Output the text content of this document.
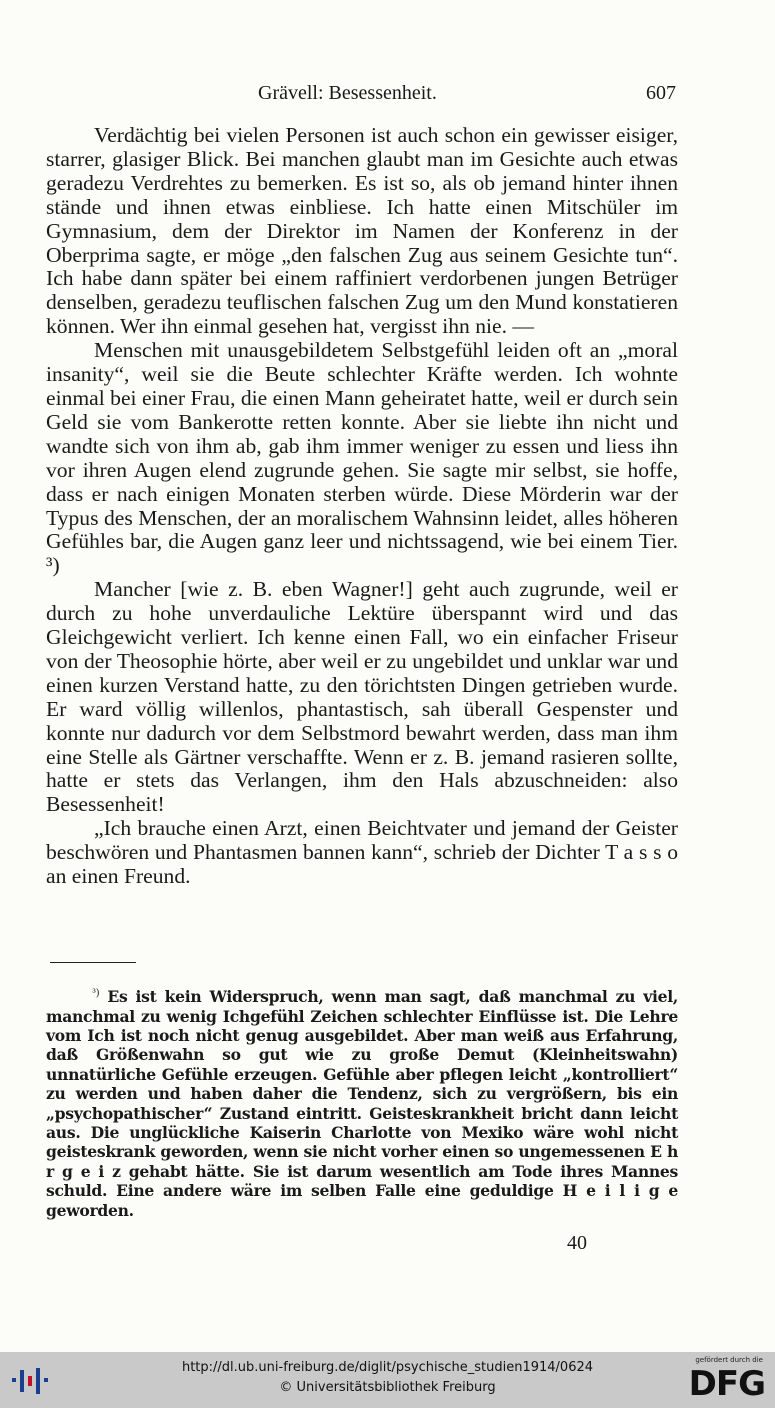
Grävell: Besessenheit.	607

Verdächtig bei vielen Personen ist auch schon ein gewisser eisiger, starrer, glasiger Blick. Bei manchen glaubt man im Gesichte auch etwas geradezu Verdrehtes zu bemerken. Es ist so, als ob jemand hinter ihnen stände und ihnen etwas einbliese. Ich hatte einen Mitschüler im Gymnasium, dem der Direktor im Namen der Konferenz in der Oberprima sagte, er möge „den falschen Zug aus seinem Gesichte tun“. Ich habe dann später bei einem raffiniert verdorbenen jungen Betrüger denselben, geradezu teuflischen falschen Zug um den Mund konstatieren können. Wer ihn einmal gesehen hat, vergisst ihn nie. —

Menschen mit unausgebildetem Selbstgefühl leiden oft an „moral insanity“, weil sie die Beute schlechter Kräfte werden. Ich wohnte einmal bei einer Frau, die einen Mann geheiratet hatte, weil er durch sein Geld sie vom Bankerotte retten konnte. Aber sie liebte ihn nicht und wandte sich von ihm ab, gab ihm immer weniger zu essen und liess ihn vor ihren Augen elend zugrunde gehen. Sie sagte mir selbst, sie hoffe, dass er nach einigen Monaten sterben würde. Diese Mörderin war der Typus des Menschen, der an moralischem Wahnsinn leidet, alles höheren Gefühles bar, die Augen ganz leer und nichtssagend, wie bei einem Tier. ³)

Mancher [wie z. B. eben Wagner!] geht auch zugrunde, weil er durch zu hohe unverdauliche Lektüre überspannt wird und das Gleichgewicht verliert. Ich kenne einen Fall, wo ein einfacher Friseur von der Theosophie hörte, aber weil er zu ungebildet und unklar war und einen kurzen Verstand hatte, zu den törichtsten Dingen getrieben wurde. Er ward völlig willenlos, phantastisch, sah überall Gespenster und konnte nur dadurch vor dem Selbstmord bewahrt werden, dass man ihm eine Stelle als Gärtner verschaffte. Wenn er z. B. jemand rasieren sollte, hatte er stets das Verlangen, ihm den Hals abzuschneiden: also Besessenheit!

„Ich brauche einen Arzt, einen Beichtvater und jemand der Geister beschwören und Phantasmen bannen kann“, schrieb der Dichter T a s s o an einen Freund.

$^{^3)}$ Es ist kein Widerspruch, wenn man sagt, daß manchmal zu viel, manchmal zu wenig Ichgefühl Zeichen schlechter Einflüsse ist. Die Lehre vom Ich ist noch nicht genug ausgebildet. Aber man weiß aus Erfahrung, daß Größenwahn so gut wie zu große Demut (Kleinheitswahn) unnatürliche Gefühle erzeugen. Gefühle aber pflegen leicht „kontrolliert“ zu werden und haben daher die Tendenz, sich zu vergrößern, bis ein „psychopathischer“ Zustand eintritt. Geisteskrankheit bricht dann leicht aus. Die unglückliche Kaiserin Charlotte von Mexiko wäre wohl nicht geisteskrank geworden, wenn sie nicht vorher einen so ungemessenen E h r g e i z gehabt hätte. Sie ist darum wesentlich am Tode ihres Mannes schuld. Eine andere wäre im selben Falle eine geduldige H e i l i g e geworden.
40
http://dl.ub.uni-freiburg.de/diglit/psychische_studien1914/0624
© Universitätsbibliothek Freiburg
gefördert durch die
DFG
